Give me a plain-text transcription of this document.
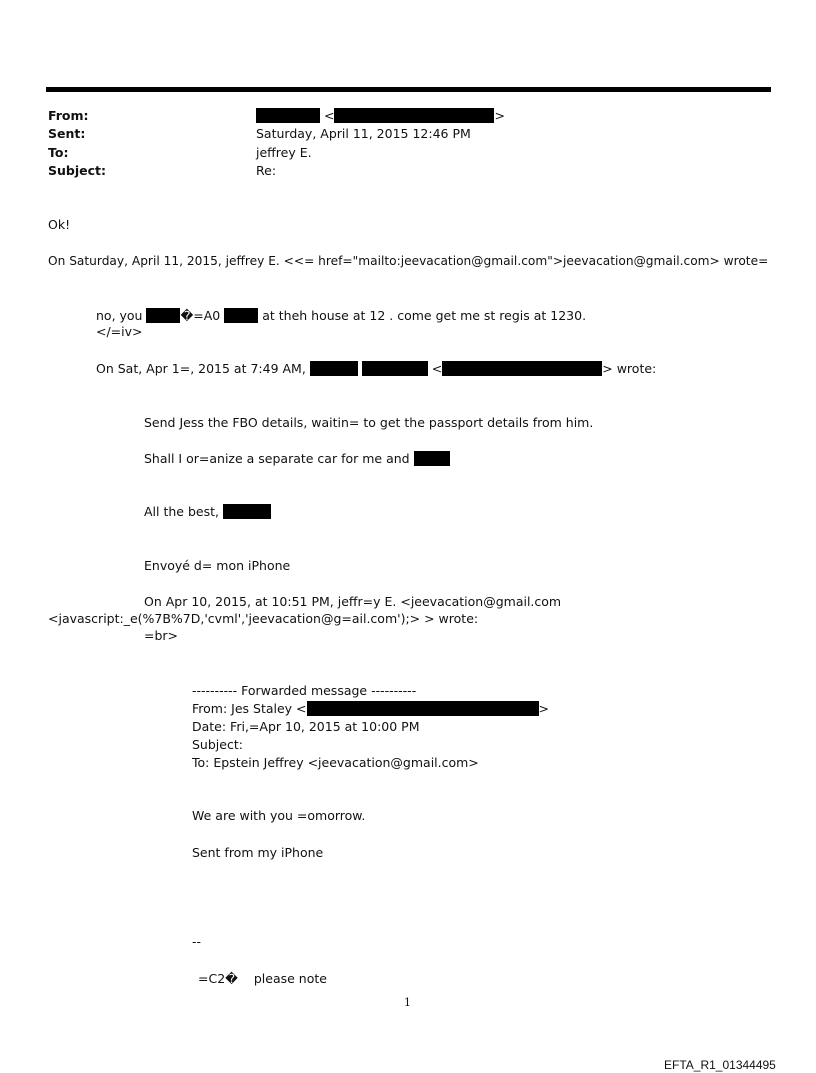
From:	<	>
Sent:	Saturday, April 11, 2015 12:46 PM
To:	jeffrey E.
Subject:	Re:
Ok!
On Saturday, April 11, 2015, jeffrey E. <<= href="mailto:jeevacation@gmail.com">jeevacation@gmail.com> wrote=
no, you	�=A0	at theh house at 12 . come get me st regis at 1230.
</=iv>
On Sat, Apr 1=, 2015 at 7:49 AM,	<	> wrote:
Send Jess the FBO details, waitin= to get the passport details from him.
Shall I or=anize a separate car for me and
All the best,
Envoyé d= mon iPhone
On Apr 10, 2015, at 10:51 PM, jeffr=y E. <jeevacation@gmail.com
<javascript:_e(%7B%7D,'cvml','jeevacation@g=ail.com');> > wrote:
=br>
---------- Forwarded message ----------
From: Jes Staley <	>
Date: Fri,=Apr 10, 2015 at 10:00 PM
Subject:
To: Epstein Jeffrey <jeevacation@gmail.com>
We are with you =omorrow.
Sent from my iPhone
--
=C2�    please note
1
EFTA_R1_01344495
